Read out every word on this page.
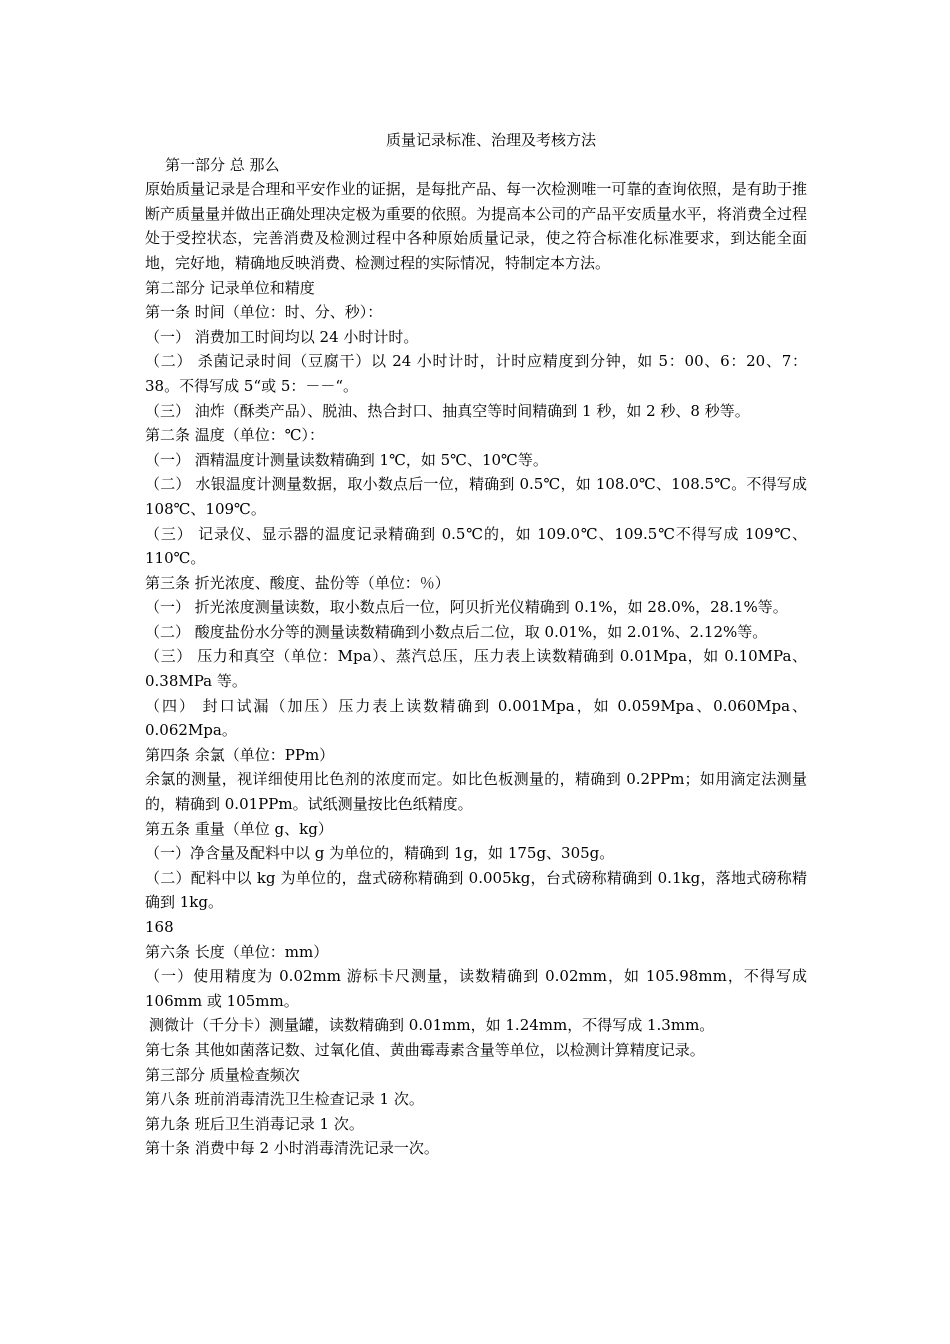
质量记录标准、治理及考核方法
第一部分 总 那么
原始质量记录是合理和平安作业的证据，是每批产品、每一次检测唯一可靠的查询依照，是有助于推断产质量量并做出正确处理决定极为重要的依照。为提高本公司的产品平安质量水平，将消费全过程处于受控状态，完善消费及检测过程中各种原始质量记录，使之符合标准化标准要求，到达能全面地，完好地，精确地反映消费、检测过程的实际情况，特制定本方法。
第二部分 记录单位和精度
第一条 时间（单位：时、分、秒）：
（一） 消费加工时间均以 24 小时计时。
（二） 杀菌记录时间（豆腐干）以 24 小时计时，计时应精度到分钟，如 5：00、6：20、7：38。不得写成 5“或 5：－－“。
（三） 油炸（酥类产品）、脱油、热合封口、抽真空等时间精确到 1 秒，如 2 秒、8 秒等。
第二条 温度（单位：℃）：
（一） 酒精温度计测量读数精确到 1℃，如 5℃、10℃等。
（二） 水银温度计测量数据，取小数点后一位，精确到 0.5℃，如 108.0℃、108.5℃。不得写成 108℃、109℃。
（三） 记录仪、显示器的温度记录精确到 0.5℃的，如 109.0℃、109.5℃不得写成 109℃、110℃。
第三条 折光浓度、酸度、盐份等（单位：％）
（一） 折光浓度测量读数，取小数点后一位，阿贝折光仪精确到 0.1%，如 28.0%，28.1%等。
（二） 酸度盐份水分等的测量读数精确到小数点后二位，取 0.01%，如 2.01%、2.12%等。
（三） 压力和真空（单位：Mpa）、蒸汽总压，压力表上读数精确到 0.01Mpa，如 0.10MPa、0.38MPa 等。
（四） 封口试漏（加压）压力表上读数精确到 0.001Mpa，如 0.059Mpa、0.060Mpa、0.062Mpa。
第四条 余氯（单位：PPm）
余氯的测量，视详细使用比色剂的浓度而定。如比色板测量的，精确到 0.2PPm；如用滴定法测量的，精确到 0.01PPm。试纸测量按比色纸精度。
第五条 重量（单位 g、kg）
（一）净含量及配料中以 g 为单位的，精确到 1g，如 175g、305g。
（二）配料中以 kg 为单位的，盘式磅称精确到 0.005kg，台式磅称精确到 0.1kg，落地式磅称精确到 1kg。
168
第六条 长度（单位：mm）
（一）使用精度为 0.02mm 游标卡尺测量，读数精确到 0.02mm，如 105.98mm，不得写成 106mm 或 105mm。
测微计（千分卡）测量罐，读数精确到 0.01mm，如 1.24mm，不得写成 1.3mm。
第七条 其他如菌落记数、过氧化值、黄曲霉毒素含量等单位，以检测计算精度记录。
第三部分 质量检查频次
第八条 班前消毒清洗卫生检查记录 1 次。
第九条 班后卫生消毒记录 1 次。
第十条 消费中每 2 小时消毒清洗记录一次。
